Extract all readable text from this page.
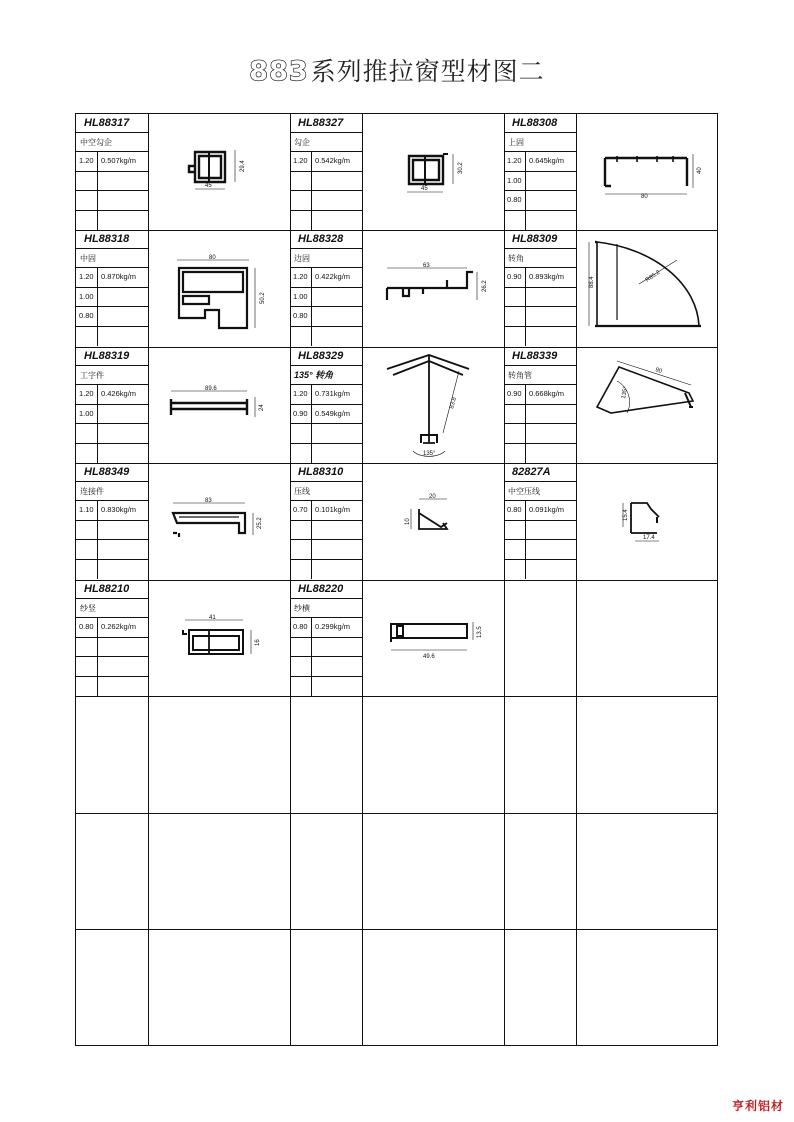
883系列推拉窗型材图二
HL88317
中空勾企
1.20 0.507kg/m
45
29.4
HL88327
勾企
1.20 0.542kg/m
45
30.2
HL88308
上固
1.20 0.645kg/m
1.00
0.80	80
40
HL88318
中固
1.20 0.870kg/m
1.00
0.80
80
50.2
HL88328
边固
1.20 0.422kg/m
1.00
0.80
63
26.2
HL88309
转角
0.90 0.893kg/m	R85.2
88.4
HL88319
工字件
1.20 0.426kg/m
1.00
89.6
24
HL88329
135° 转角
1.20 0.731kg/m
0.90 0.549kg/m
83.8
135°
HL88339
转角管
0.90 0.668kg/m
90
135°
HL88349
连接件
1.10 0.830kg/m
83
25.2
HL88310
压线
0.70 0.101kg/m
20
10
82827A
中空压线
0.80 0.091kg/m
17.4
15.4
HL88210
纱竖
0.80 0.262kg/m
41
16
HL88220
纱横
0.80 0.299kg/m
49.6
13.5
亨利铝材
